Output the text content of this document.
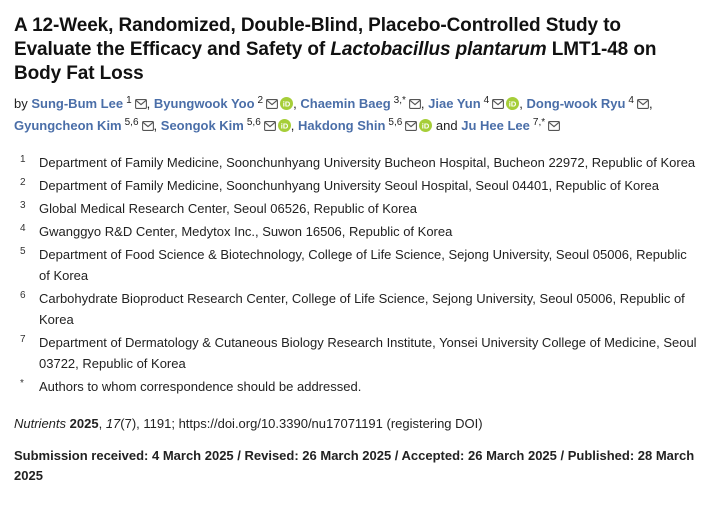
A 12-Week, Randomized, Double-Blind, Placebo-Controlled Study to Evaluate the Efficacy and Safety of Lactobacillus plantarum LMT1-48 on Body Fat Loss
by Sung-Bum Lee $^1$ , Byungwook Yoo $^2$	iD , Chaemin Baeg $^{3,*}$ , Jiae Yun $^4$	iD , Dong-wook Ryu $^4$ , Gyungcheon Kim $^{5,6}$ , Seongok Kim $^{5,6}$	iD , Hakdong Shin $^{5,6}$	iD and Ju Hee Lee $^{7,*}$
1	Department of Family Medicine, Soonchunhyang University Bucheon Hospital, Bucheon 22972, Republic of Korea
2	Department of Family Medicine, Soonchunhyang University Seoul Hospital, Seoul 04401, Republic of Korea
3	Global Medical Research Center, Seoul 06526, Republic of Korea
4	Gwanggyo R&D Center, Medytox Inc., Suwon 16506, Republic of Korea
5	Department of Food Science & Biotechnology, College of Life Science, Sejong University, Seoul 05006, Republic of Korea
6	Carbohydrate Bioproduct Research Center, College of Life Science, Sejong University, Seoul 05006, Republic of Korea
7	Department of Dermatology & Cutaneous Biology Research Institute, Yonsei University College of Medicine, Seoul 03722, Republic of Korea
*	Authors to whom correspondence should be addressed.
Nutrients 2025, 17(7), 1191; https://doi.org/10.3390/nu17071191 (registering DOI)
Submission received: 4 March 2025 / Revised: 26 March 2025 / Accepted: 26 March 2025 / Published: 28 March 2025
